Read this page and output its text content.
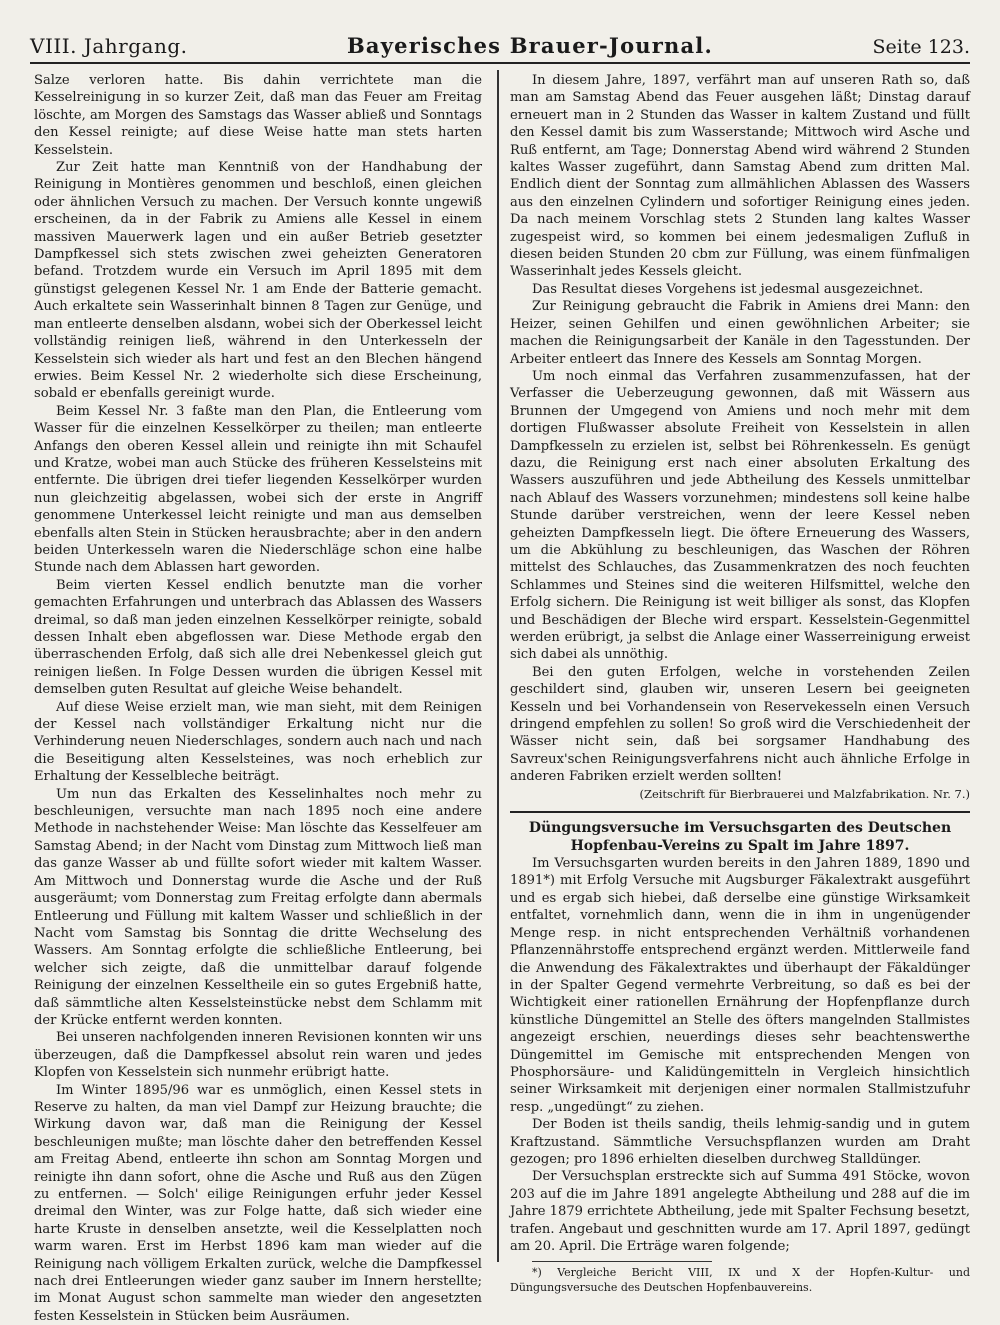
VIII. Jahrgang.	Bayerisches Brauer-Journal.	Seite 123.

Salze verloren hatte. Bis dahin verrichtete man die Kesselreinigung in so kurzer Zeit, daß man das Feuer am Freitag löschte, am Morgen des Samstags das Wasser abließ und Sonntags den Kessel reinigte; auf diese Weise hatte man stets harten Kesselstein.

Zur Zeit hatte man Kenntniß von der Handhabung der Reinigung in Montières genommen und beschloß, einen gleichen oder ähnlichen Versuch zu machen. Der Versuch konnte ungewiß erscheinen, da in der Fabrik zu Amiens alle Kessel in einem massiven Mauerwerk lagen und ein außer Betrieb gesetzter Dampfkessel sich stets zwischen zwei geheizten Generatoren befand. Trotzdem wurde ein Versuch im April 1895 mit dem günstigst gelegenen Kessel Nr. 1 am Ende der Batterie gemacht. Auch erkaltete sein Wasserinhalt binnen 8 Tagen zur Genüge, und man entleerte denselben alsdann, wobei sich der Oberkessel leicht vollständig reinigen ließ, während in den Unterkesseln der Kesselstein sich wieder als hart und fest an den Blechen hängend erwies. Beim Kessel Nr. 2 wiederholte sich diese Erscheinung, sobald er ebenfalls gereinigt wurde.

Beim Kessel Nr. 3 faßte man den Plan, die Entleerung vom Wasser für die einzelnen Kesselkörper zu theilen; man entleerte Anfangs den oberen Kessel allein und reinigte ihn mit Schaufel und Kratze, wobei man auch Stücke des früheren Kesselsteins mit entfernte. Die übrigen drei tiefer liegenden Kesselkörper wurden nun gleichzeitig abgelassen, wobei sich der erste in Angriff genommene Unterkessel leicht reinigte und man aus demselben ebenfalls alten Stein in Stücken herausbrachte; aber in den andern beiden Unterkesseln waren die Niederschläge schon eine halbe Stunde nach dem Ablassen hart geworden.

Beim vierten Kessel endlich benutzte man die vorher gemachten Erfahrungen und unterbrach das Ablassen des Wassers dreimal, so daß man jeden einzelnen Kesselkörper reinigte, sobald dessen Inhalt eben abgeflossen war. Diese Methode ergab den überraschenden Erfolg, daß sich alle drei Nebenkessel gleich gut reinigen ließen. In Folge Dessen wurden die übrigen Kessel mit demselben guten Resultat auf gleiche Weise behandelt.

Auf diese Weise erzielt man, wie man sieht, mit dem Reinigen der Kessel nach vollständiger Erkaltung nicht nur die Verhinderung neuen Niederschlages, sondern auch nach und nach die Beseitigung alten Kesselsteines, was noch erheblich zur Erhaltung der Kesselbleche beiträgt.

Um nun das Erkalten des Kesselinhaltes noch mehr zu beschleunigen, versuchte man nach 1895 noch eine andere Methode in nachstehender Weise: Man löschte das Kesselfeuer am Samstag Abend; in der Nacht vom Dinstag zum Mittwoch ließ man das ganze Wasser ab und füllte sofort wieder mit kaltem Wasser. Am Mittwoch und Donnerstag wurde die Asche und der Ruß ausgeräumt; vom Donnerstag zum Freitag erfolgte dann abermals Entleerung und Füllung mit kaltem Wasser und schließlich in der Nacht vom Samstag bis Sonntag die dritte Wechselung des Wassers. Am Sonntag erfolgte die schließliche Entleerung, bei welcher sich zeigte, daß die unmittelbar darauf folgende Reinigung der einzelnen Kesseltheile ein so gutes Ergebniß hatte, daß sämmtliche alten Kesselsteinstücke nebst dem Schlamm mit der Krücke entfernt werden konnten.

Bei unseren nachfolgenden inneren Revisionen konnten wir uns überzeugen, daß die Dampfkessel absolut rein waren und jedes Klopfen von Kesselstein sich nunmehr erübrigt hatte.

Im Winter 1895/96 war es unmöglich, einen Kessel stets in Reserve zu halten, da man viel Dampf zur Heizung brauchte; die Wirkung davon war, daß man die Reinigung der Kessel beschleunigen mußte; man löschte daher den betreffenden Kessel am Freitag Abend, entleerte ihn schon am Sonntag Morgen und reinigte ihn dann sofort, ohne die Asche und Ruß aus den Zügen zu entfernen. — Solch' eilige Reinigungen erfuhr jeder Kessel dreimal den Winter, was zur Folge hatte, daß sich wieder eine harte Kruste in denselben ansetzte, weil die Kesselplatten noch warm waren. Erst im Herbst 1896 kam man wieder auf die Reinigung nach völligem Erkalten zurück, welche die Dampfkessel nach drei Entleerungen wieder ganz sauber im Innern herstellte; im Monat August schon sammelte man wieder den angesetzten festen Kesselstein in Stücken beim Ausräumen.

In diesem Jahre, 1897, verfährt man auf unseren Rath so, daß man am Samstag Abend das Feuer ausgehen läßt; Dinstag darauf erneuert man in 2 Stunden das Wasser in kaltem Zustand und füllt den Kessel damit bis zum Wasserstande; Mittwoch wird Asche und Ruß entfernt, am Tage; Donnerstag Abend wird während 2 Stunden kaltes Wasser zugeführt, dann Samstag Abend zum dritten Mal. Endlich dient der Sonntag zum allmählichen Ablassen des Wassers aus den einzelnen Cylindern und sofortiger Reinigung eines jeden. Da nach meinem Vorschlag stets 2 Stunden lang kaltes Wasser zugespeist wird, so kommen bei einem jedesmaligen Zufluß in diesen beiden Stunden 20 cbm zur Füllung, was einem fünfmaligen Wasserinhalt jedes Kessels gleicht.

Das Resultat dieses Vorgehens ist jedesmal ausgezeichnet.

Zur Reinigung gebraucht die Fabrik in Amiens drei Mann: den Heizer, seinen Gehilfen und einen gewöhnlichen Arbeiter; sie machen die Reinigungsarbeit der Kanäle in den Tagesstunden. Der Arbeiter entleert das Innere des Kessels am Sonntag Morgen.

Um noch einmal das Verfahren zusammenzufassen, hat der Verfasser die Ueberzeugung gewonnen, daß mit Wässern aus Brunnen der Umgegend von Amiens und noch mehr mit dem dortigen Flußwasser absolute Freiheit von Kesselstein in allen Dampfkesseln zu erzielen ist, selbst bei Röhrenkesseln. Es genügt dazu, die Reinigung erst nach einer absoluten Erkaltung des Wassers auszuführen und jede Abtheilung des Kessels unmittelbar nach Ablauf des Wassers vorzunehmen; mindestens soll keine halbe Stunde darüber verstreichen, wenn der leere Kessel neben geheizten Dampfkesseln liegt. Die öftere Erneuerung des Wassers, um die Abkühlung zu beschleunigen, das Waschen der Röhren mittelst des Schlauches, das Zusammenkratzen des noch feuchten Schlammes und Steines sind die weiteren Hilfsmittel, welche den Erfolg sichern. Die Reinigung ist weit billiger als sonst, das Klopfen und Beschädigen der Bleche wird erspart. Kesselstein-Gegenmittel werden erübrigt, ja selbst die Anlage einer Wasserreinigung erweist sich dabei als unnöthig.

Bei den guten Erfolgen, welche in vorstehenden Zeilen geschildert sind, glauben wir, unseren Lesern bei geeigneten Kesseln und bei Vorhandensein von Reservekesseln einen Versuch dringend empfehlen zu sollen! So groß wird die Verschiedenheit der Wässer nicht sein, daß bei sorgsamer Handhabung des Savreux'schen Reinigungsverfahrens nicht auch ähnliche Erfolge in anderen Fabriken erzielt werden sollten!

(Zeitschrift für Bierbrauerei und Malzfabrikation. Nr. 7.)

Düngungsversuche im Versuchsgarten des Deutschen Hopfenbau-Vereins zu Spalt im Jahre 1897.

Im Versuchsgarten wurden bereits in den Jahren 1889, 1890 und 1891*) mit Erfolg Versuche mit Augsburger Fäkalextrakt ausgeführt und es ergab sich hiebei, daß derselbe eine günstige Wirksamkeit entfaltet, vornehmlich dann, wenn die in ihm in ungenügender Menge resp. in nicht entsprechenden Verhältniß vorhandenen Pflanzennährstoffe entsprechend ergänzt werden. Mittlerweile fand die Anwendung des Fäkalextraktes und überhaupt der Fäkaldünger in der Spalter Gegend vermehrte Verbreitung, so daß es bei der Wichtigkeit einer rationellen Ernährung der Hopfenpflanze durch künstliche Düngemittel an Stelle des öfters mangelnden Stallmistes angezeigt erschien, neuerdings dieses sehr beachtenswerthe Düngemittel im Gemische mit entsprechenden Mengen von Phosphorsäure- und Kalidüngemitteln in Vergleich hinsichtlich seiner Wirksamkeit mit derjenigen einer normalen Stallmistzufuhr resp. „ungedüngt“ zu ziehen.

Der Boden ist theils sandig, theils lehmig-sandig und in gutem Kraftzustand. Sämmtliche Versuchspflanzen wurden am Draht gezogen; pro 1896 erhielten dieselben durchweg Stalldünger.

Der Versuchsplan erstreckte sich auf Summa 491 Stöcke, wovon 203 auf die im Jahre 1891 angelegte Abtheilung und 288 auf die im Jahre 1879 errichtete Abtheilung, jede mit Spalter Fechsung besetzt, trafen. Angebaut und geschnitten wurde am 17. April 1897, gedüngt am 20. April. Die Erträge waren folgende;

*) Vergleiche Bericht VIII, IX und X der Hopfen-Kultur- und Düngungsversuche des Deutschen Hopfenbauvereins.
